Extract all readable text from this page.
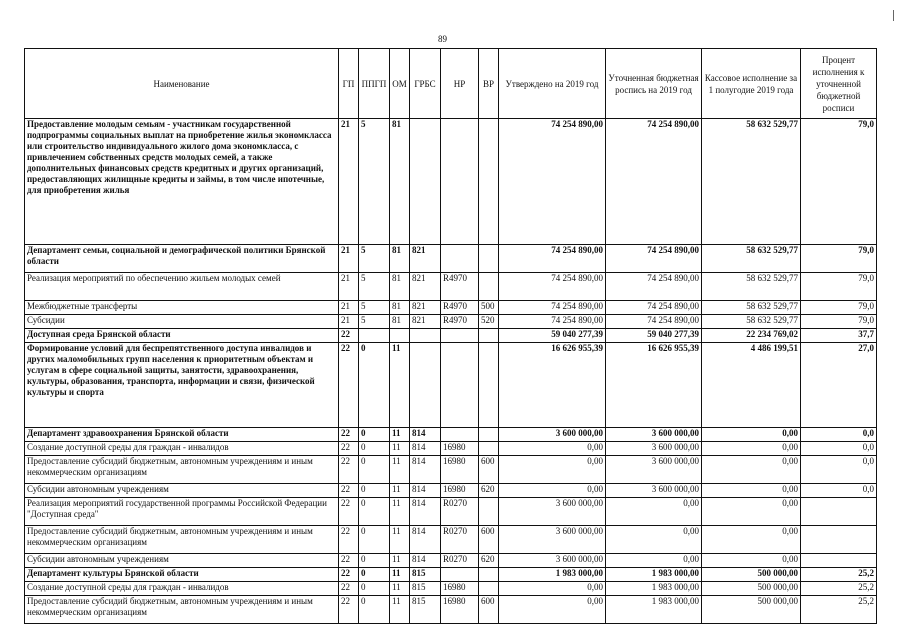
89
Наименование	ГП	ППГП	ОМ	ГРБС	НР	ВР	Утверждено на 2019 год	Уточненная бюджетная роспись на 2019 год	Кассовое исполнение за 1 полугодие 2019 года	Процент исполнения к уточненной бюджетной росписи
Предоставление молодым семьям - участникам государственной подпрограммы социальных выплат на приобретение жилья экономкласса или строительство индивидуального жилого дома экономкласса, с привлечением собственных средств молодых семей, а также дополнительных финансовых средств кредитных и других организаций, предоставляющих жилищные кредиты и займы, в том числе ипотечные, для приобретения жилья	21	5	81				74 254 890,00	74 254 890,00	58 632 529,77	79,0
Департамент семьи, социальной и демографической политики Брянской области	21	5	81	821			74 254 890,00	74 254 890,00	58 632 529,77	79,0
Реализация мероприятий по обеспечению жильем молодых семей	21	5	81	821	R4970		74 254 890,00	74 254 890,00	58 632 529,77	79,0
Межбюджетные трансферты	21	5	81	821	R4970	500	74 254 890,00	74 254 890,00	58 632 529,77	79,0
Субсидии	21	5	81	821	R4970	520	74 254 890,00	74 254 890,00	58 632 529,77	79,0
Доступная среда Брянской области	22						59 040 277,39	59 040 277,39	22 234 769,02	37,7
Формирование условий для беспрепятственного доступа инвалидов и других маломобильных групп населения к приоритетным объектам и услугам в сфере социальной защиты, занятости, здравоохранения, культуры, образования, транспорта, информации и связи, физической культуры и спорта	22	0	11				16 626 955,39	16 626 955,39	4 486 199,51	27,0
Департамент здравоохранения Брянской области	22	0	11	814			3 600 000,00	3 600 000,00	0,00	0,0
Создание доступной среды для граждан - инвалидов	22	0	11	814	16980		0,00	3 600 000,00	0,00	0,0
Предоставление субсидий бюджетным, автономным учреждениям и иным некоммерческим организациям	22	0	11	814	16980	600	0,00	3 600 000,00	0,00	0,0
Субсидии автономным учреждениям	22	0	11	814	16980	620	0,00	3 600 000,00	0,00	0,0
Реализация мероприятий государственной программы Российской Федерации "Доступная среда"	22	0	11	814	R0270		3 600 000,00	0,00	0,00	
Предоставление субсидий бюджетным, автономным учреждениям и иным некоммерческим организациям	22	0	11	814	R0270	600	3 600 000,00	0,00	0,00	
Субсидии автономным учреждениям	22	0	11	814	R0270	620	3 600 000,00	0,00	0,00	
Департамент культуры Брянской области	22	0	11	815			1 983 000,00	1 983 000,00	500 000,00	25,2
Создание доступной среды для граждан - инвалидов	22	0	11	815	16980		0,00	1 983 000,00	500 000,00	25,2
Предоставление субсидий бюджетным, автономным учреждениям и иным некоммерческим организациям	22	0	11	815	16980	600	0,00	1 983 000,00	500 000,00	25,2
